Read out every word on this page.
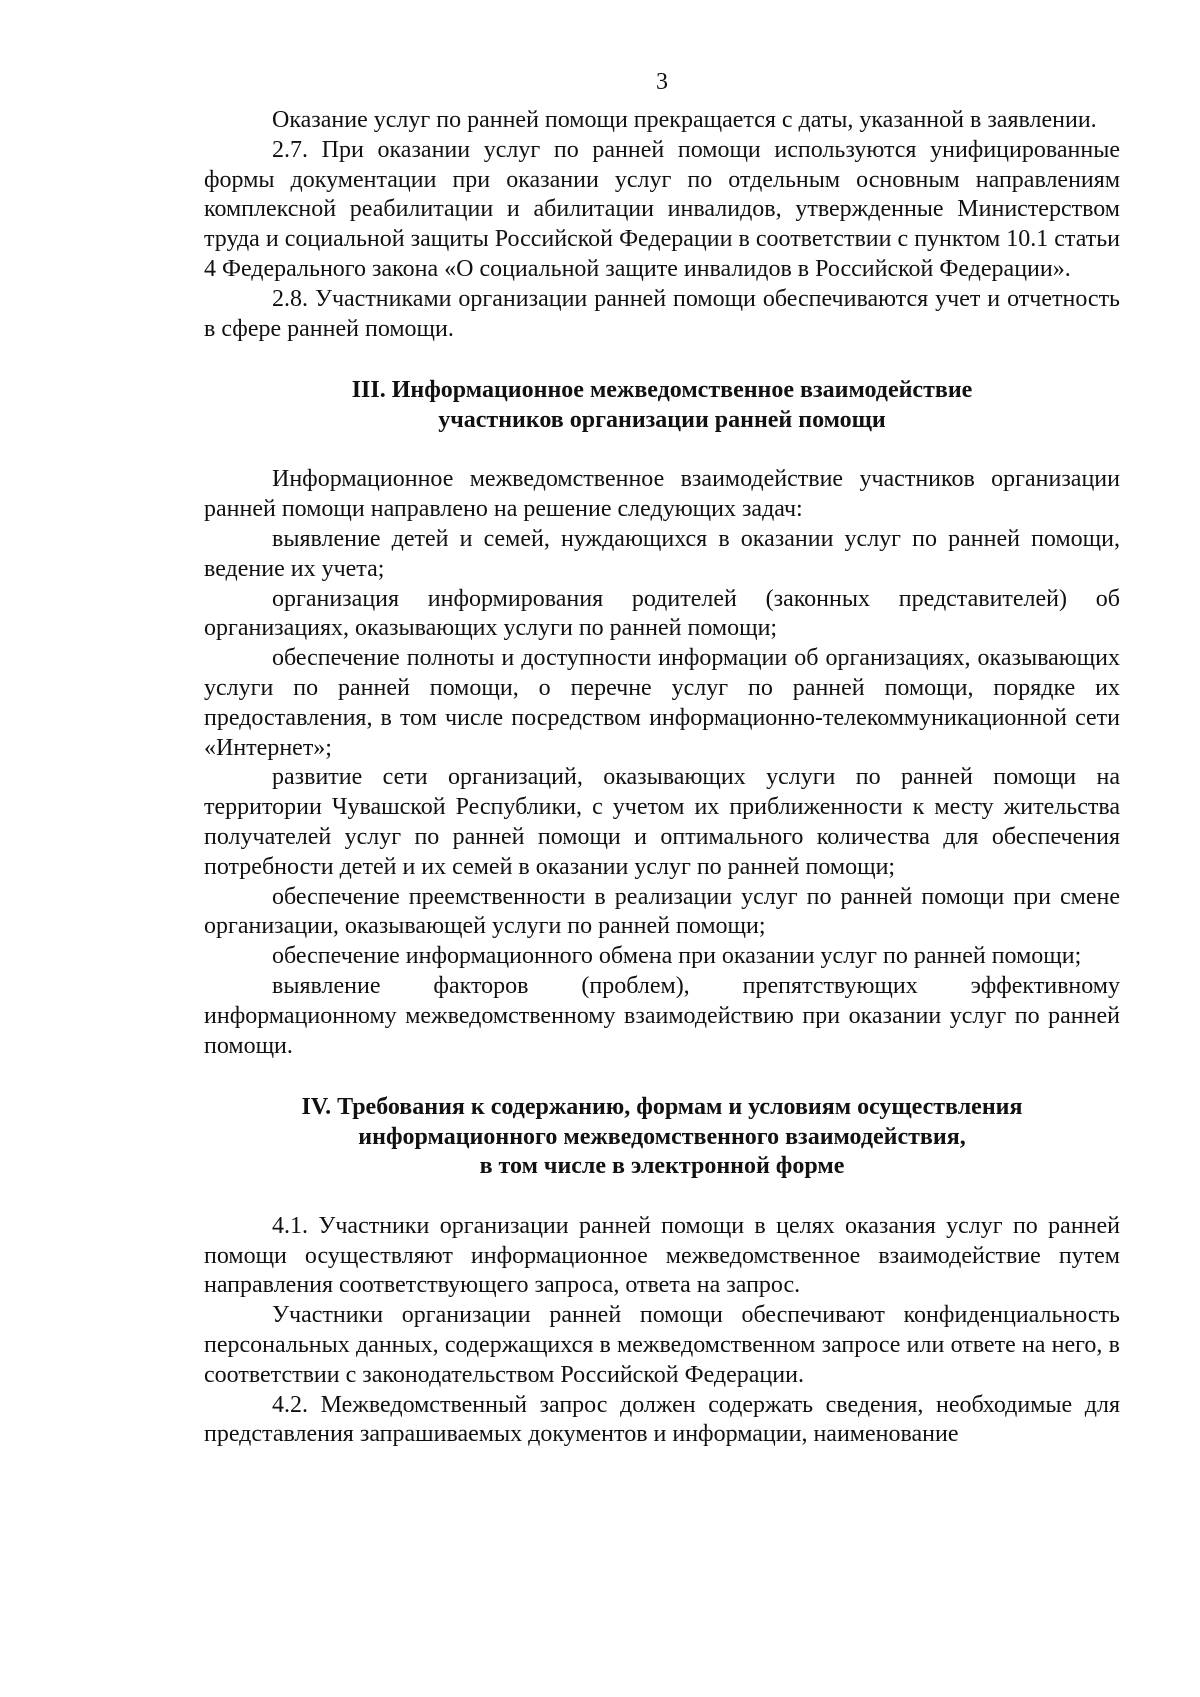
3

Оказание услуг по ранней помощи прекращается с даты, указанной в заявлении.

2.7. При оказании услуг по ранней помощи используются унифицированные формы документации при оказании услуг по отдельным основным направлениям комплексной реабилитации и абилитации инвалидов, утвержденные Министерством труда и социальной защиты Российской Федерации в соответствии с пунктом 10.1 статьи 4 Федерального закона «О социальной защите инвалидов в Российской Федерации».

2.8. Участниками организации ранней помощи обеспечиваются учет и отчетность в сфере ранней помощи.

III. Информационное межведомственное взаимодействие
участников организации ранней помощи

Информационное межведомственное взаимодействие участников организации ранней помощи направлено на решение следующих задач:

выявление детей и семей, нуждающихся в оказании услуг по ранней помощи, ведение их учета;

организация информирования родителей (законных представителей) об организациях, оказывающих услуги по ранней помощи;

обеспечение полноты и доступности информации об организациях, оказывающих услуги по ранней помощи, о перечне услуг по ранней помощи, порядке их предоставления, в том числе посредством информационно-телекоммуникационной сети «Интернет»;

развитие сети организаций, оказывающих услуги по ранней помощи на территории Чувашской Республики, с учетом их приближенности к месту жительства получателей услуг по ранней помощи и оптимального количества для обеспечения потребности детей и их семей в оказании услуг по ранней помощи;

обеспечение преемственности в реализации услуг по ранней помощи при смене организации, оказывающей услуги по ранней помощи;

обеспечение информационного обмена при оказании услуг по ранней помощи;

выявление факторов (проблем), препятствующих эффективному информационному межведомственному взаимодействию при оказании услуг по ранней помощи.

IV. Требования к содержанию, формам и условиям осуществления
информационного межведомственного взаимодействия,
в том числе в электронной форме

4.1. Участники организации ранней помощи в целях оказания услуг по ранней помощи осуществляют информационное межведомственное взаимодействие путем направления соответствующего запроса, ответа на запрос.

Участники организации ранней помощи обеспечивают конфиденциальность персональных данных, содержащихся в межведомственном запросе или ответе на него, в соответствии с законодательством Российской Федерации.

4.2. Межведомственный запрос должен содержать сведения, необходимые для представления запрашиваемых документов и информации, наименование
